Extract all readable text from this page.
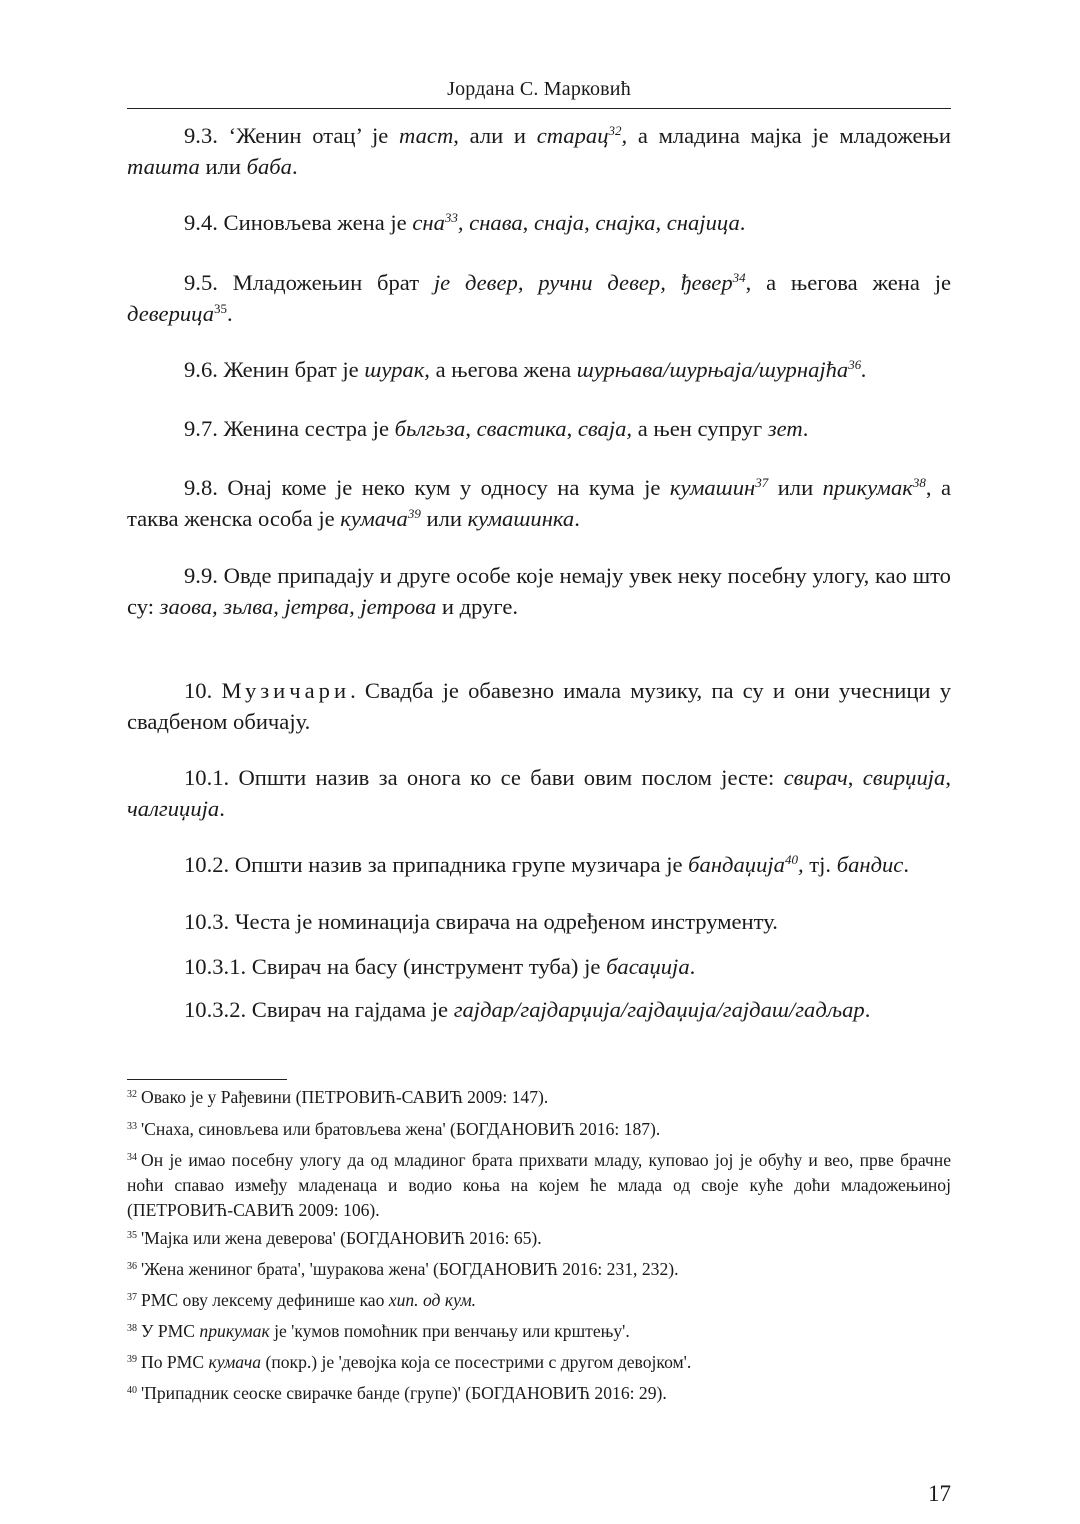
Јордана С. Марковић
9.3. ‘Женин отац’ је таст, али и старац$^{32}$, а младина мајка је младожењи ташта или баба.
9.4. Синовљева жена је сна$^{33}$, снава, снаја, снајка, снајица.
9.5. Младожењин брат је девер, ручни девер, ђевер$^{34}$, а његова жена је деверица$^{35}$.
9.6. Женин брат је шурак, а његова жена шурњава/шурњаја/шурнајћа$^{36}$.
9.7. Женина сестра је бьлгьза, свастика, сваја, а њен супруг зет.
9.8. Онај коме је неко кум у односу на кума је кумашин$^{37}$ или прикумак$^{38}$, а таква женска особа је кумача$^{39}$ или кумашинка.
9.9. Овде припадају и друге особе које немају увек неку посебну улогу, као што су: заова, зьлва, јетрва, јетрова и друге.
10. Музичари. Свадба је обавезно имала музику, па су и они учесници у свадбеном обичају.
10.1. Општи назив за онога ко се бави овим послом јесте: свирач, свирџија, чалгиџија.
10.2. Општи назив за припадника групе музичара је бандаџија$^{40}$, тј. бандис.
10.3. Честа је номинација свирача на одређеном инструменту.
10.3.1. Свирач на басу (инструмент туба) је басаџија.
10.3.2. Свирач на гајдама је гајдар/гајдарџија/гајдаџија/гајдаш/гадљар.
$^{32}$ Овако је у Рађевини (ПЕТРОВИЋ-САВИЋ 2009: 147).
$^{33}$ 'Снаха, синовљева или братовљева жена' (БОГДАНОВИЋ 2016: 187).
$^{34}$ Он је имао посебну улогу да од младиног брата прихвати младу, куповао јој је обућу и вео, прве брачне ноћи спавао између младенаца и водио коња на којем ће млада од своје куће доћи младожењиној (ПЕТРОВИЋ-САВИЋ 2009: 106).
$^{35}$ 'Мајка или жена деверова' (БОГДАНОВИЋ 2016: 65).
$^{36}$ 'Жена жениног брата', 'шуракова жена' (БОГДАНОВИЋ 2016: 231, 232).
$^{37}$ РМС ову лексему дефинише као хип. од кум.
$^{38}$ У РМС прикумак је 'кумов помоћник при венчању или крштењу'.
$^{39}$ По РМС кумача (покр.) је 'девојка која се посестрими с другом девојком'.
$^{40}$ 'Припадник сеоске свирачке банде (групе)' (БОГДАНОВИЋ 2016: 29).
17
